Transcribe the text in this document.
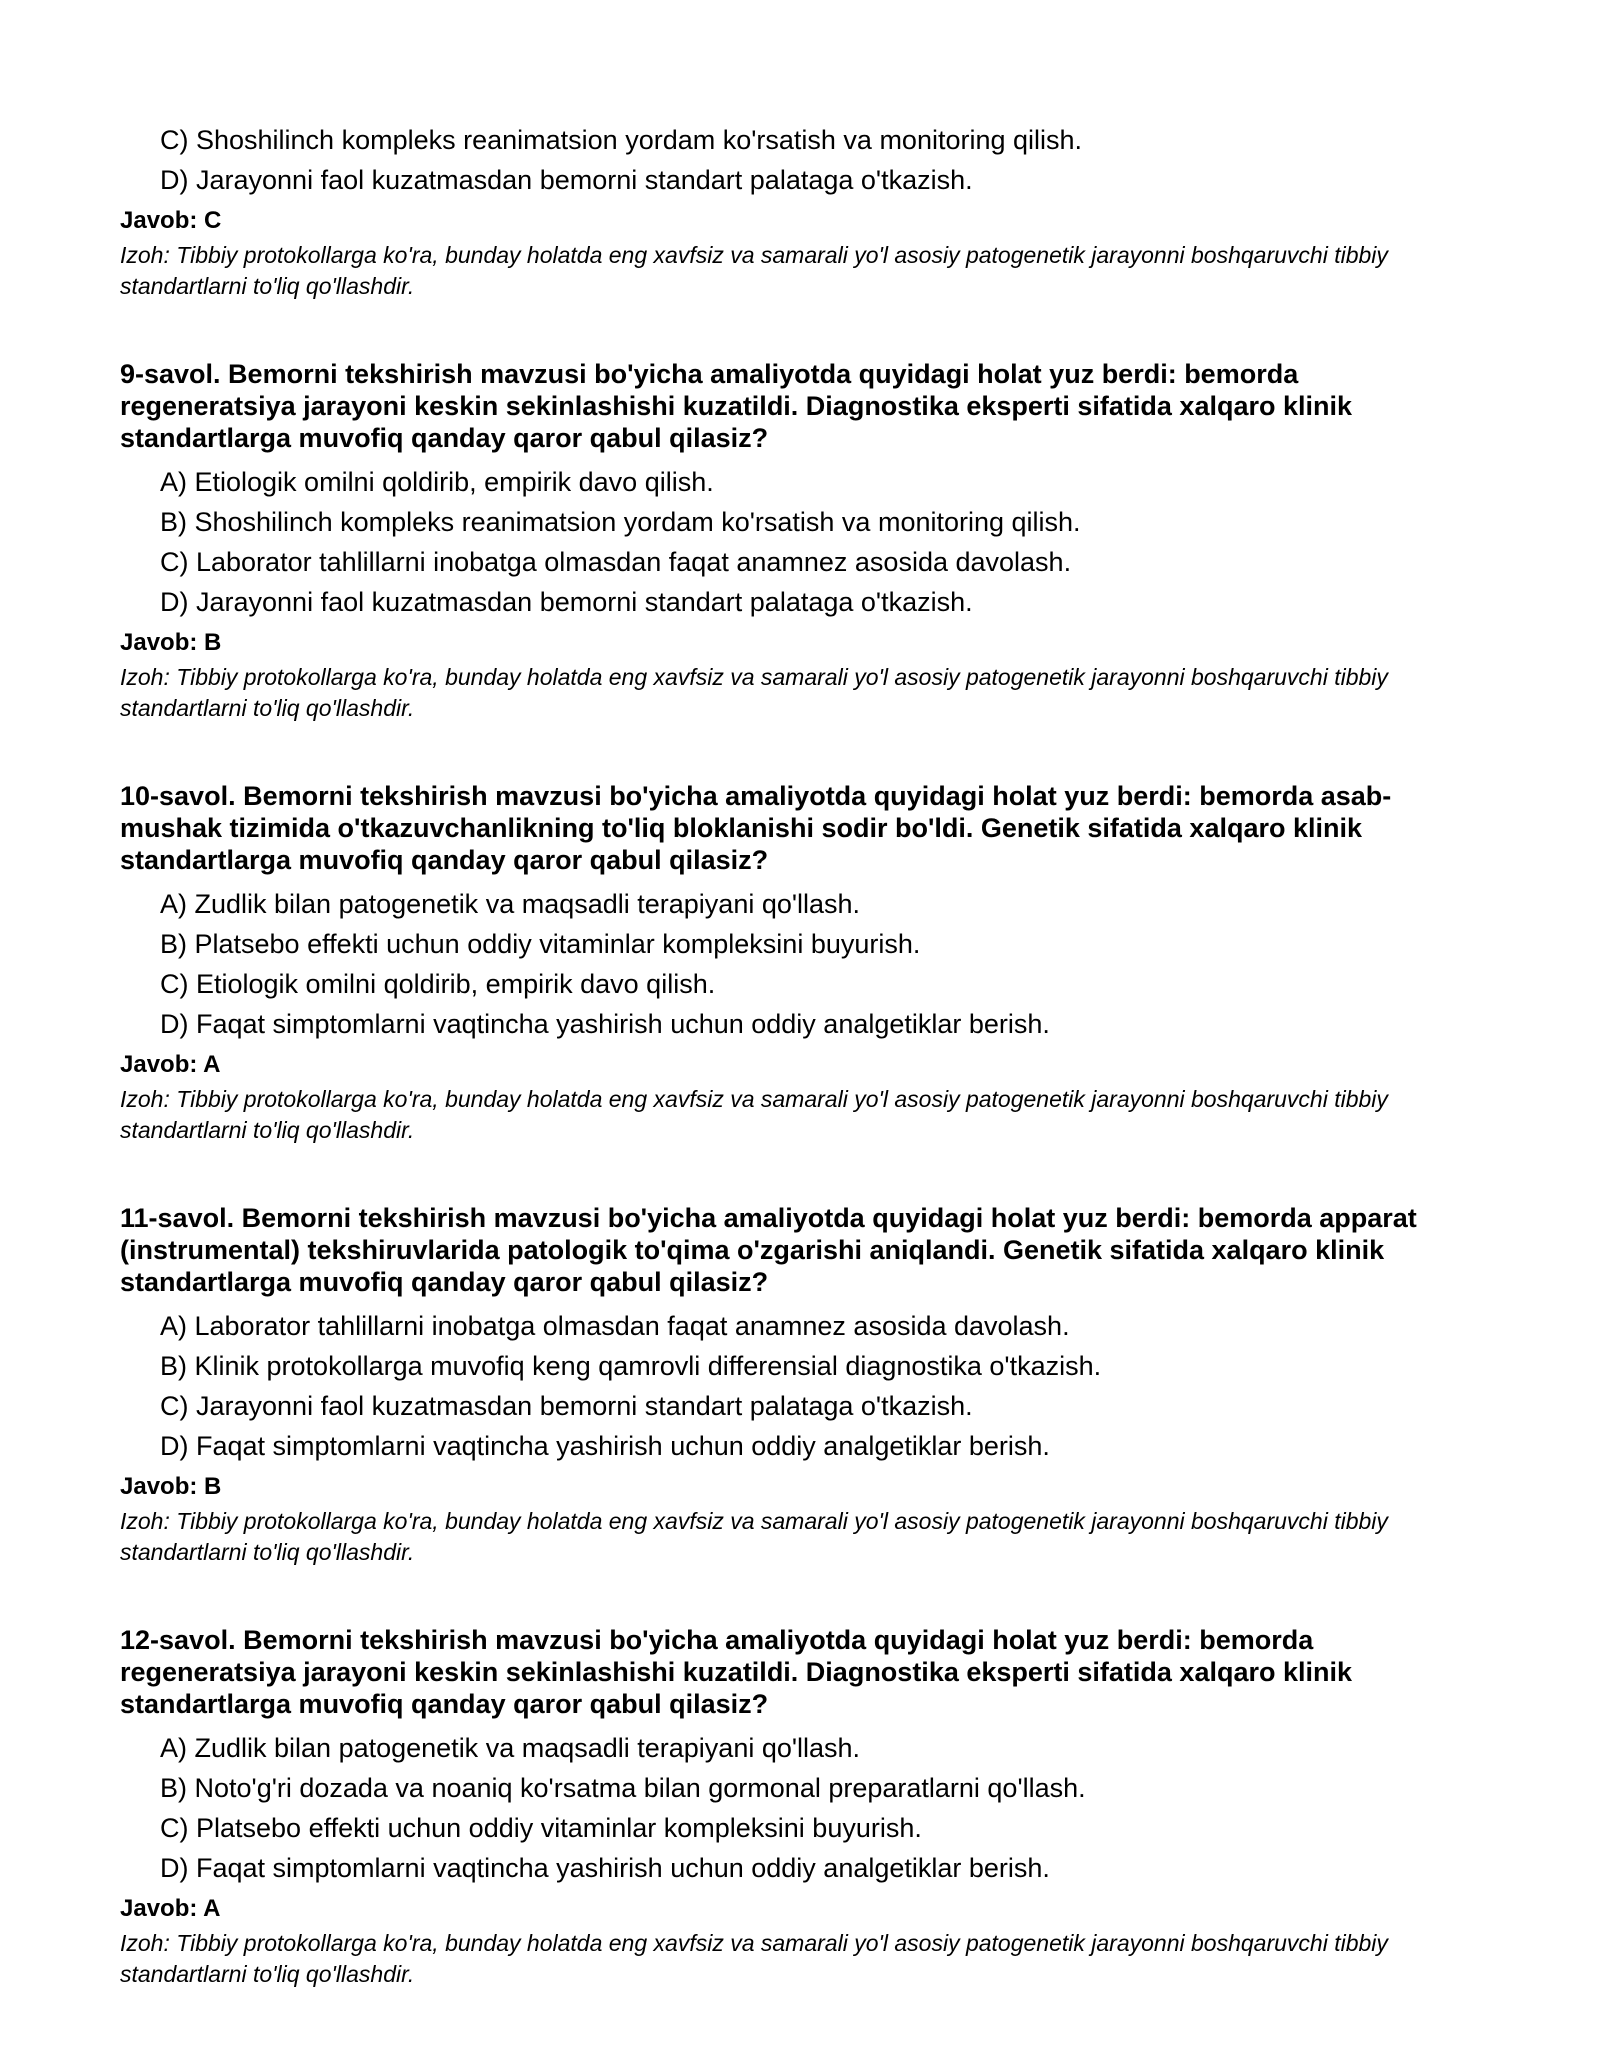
C) Shoshilinch kompleks reanimatsion yordam ko'rsatish va monitoring qilish.
D) Jarayonni faol kuzatmasdan bemorni standart palataga o'tkazish.
Javob: C
Izoh: Tibbiy protokollarga ko'ra, bunday holatda eng xavfsiz va samarali yo'l asosiy patogenetik jarayonni boshqaruvchi tibbiy standartlarni to'liq qo'llashdir.
9-savol. Bemorni tekshirish mavzusi bo'yicha amaliyotda quyidagi holat yuz berdi: bemorda regeneratsiya jarayoni keskin sekinlashishi kuzatildi. Diagnostika eksperti sifatida xalqaro klinik standartlarga muvofiq qanday qaror qabul qilasiz?
A) Etiologik omilni qoldirib, empirik davo qilish.
B) Shoshilinch kompleks reanimatsion yordam ko'rsatish va monitoring qilish.
C) Laborator tahlillarni inobatga olmasdan faqat anamnez asosida davolash.
D) Jarayonni faol kuzatmasdan bemorni standart palataga o'tkazish.
Javob: B
Izoh: Tibbiy protokollarga ko'ra, bunday holatda eng xavfsiz va samarali yo'l asosiy patogenetik jarayonni boshqaruvchi tibbiy standartlarni to'liq qo'llashdir.
10-savol. Bemorni tekshirish mavzusi bo'yicha amaliyotda quyidagi holat yuz berdi: bemorda asab-mushak tizimida o'tkazuvchanlikning to'liq bloklanishi sodir bo'ldi. Genetik sifatida xalqaro klinik standartlarga muvofiq qanday qaror qabul qilasiz?
A) Zudlik bilan patogenetik va maqsadli terapiyani qo'llash.
B) Platsebo effekti uchun oddiy vitaminlar kompleksini buyurish.
C) Etiologik omilni qoldirib, empirik davo qilish.
D) Faqat simptomlarni vaqtincha yashirish uchun oddiy analgetiklar berish.
Javob: A
Izoh: Tibbiy protokollarga ko'ra, bunday holatda eng xavfsiz va samarali yo'l asosiy patogenetik jarayonni boshqaruvchi tibbiy standartlarni to'liq qo'llashdir.
11-savol. Bemorni tekshirish mavzusi bo'yicha amaliyotda quyidagi holat yuz berdi: bemorda apparat (instrumental) tekshiruvlarida patologik to'qima o'zgarishi aniqlandi. Genetik sifatida xalqaro klinik standartlarga muvofiq qanday qaror qabul qilasiz?
A) Laborator tahlillarni inobatga olmasdan faqat anamnez asosida davolash.
B) Klinik protokollarga muvofiq keng qamrovli differensial diagnostika o'tkazish.
C) Jarayonni faol kuzatmasdan bemorni standart palataga o'tkazish.
D) Faqat simptomlarni vaqtincha yashirish uchun oddiy analgetiklar berish.
Javob: B
Izoh: Tibbiy protokollarga ko'ra, bunday holatda eng xavfsiz va samarali yo'l asosiy patogenetik jarayonni boshqaruvchi tibbiy standartlarni to'liq qo'llashdir.
12-savol. Bemorni tekshirish mavzusi bo'yicha amaliyotda quyidagi holat yuz berdi: bemorda regeneratsiya jarayoni keskin sekinlashishi kuzatildi. Diagnostika eksperti sifatida xalqaro klinik standartlarga muvofiq qanday qaror qabul qilasiz?
A) Zudlik bilan patogenetik va maqsadli terapiyani qo'llash.
B) Noto'g'ri dozada va noaniq ko'rsatma bilan gormonal preparatlarni qo'llash.
C) Platsebo effekti uchun oddiy vitaminlar kompleksini buyurish.
D) Faqat simptomlarni vaqtincha yashirish uchun oddiy analgetiklar berish.
Javob: A
Izoh: Tibbiy protokollarga ko'ra, bunday holatda eng xavfsiz va samarali yo'l asosiy patogenetik jarayonni boshqaruvchi tibbiy standartlarni to'liq qo'llashdir.
